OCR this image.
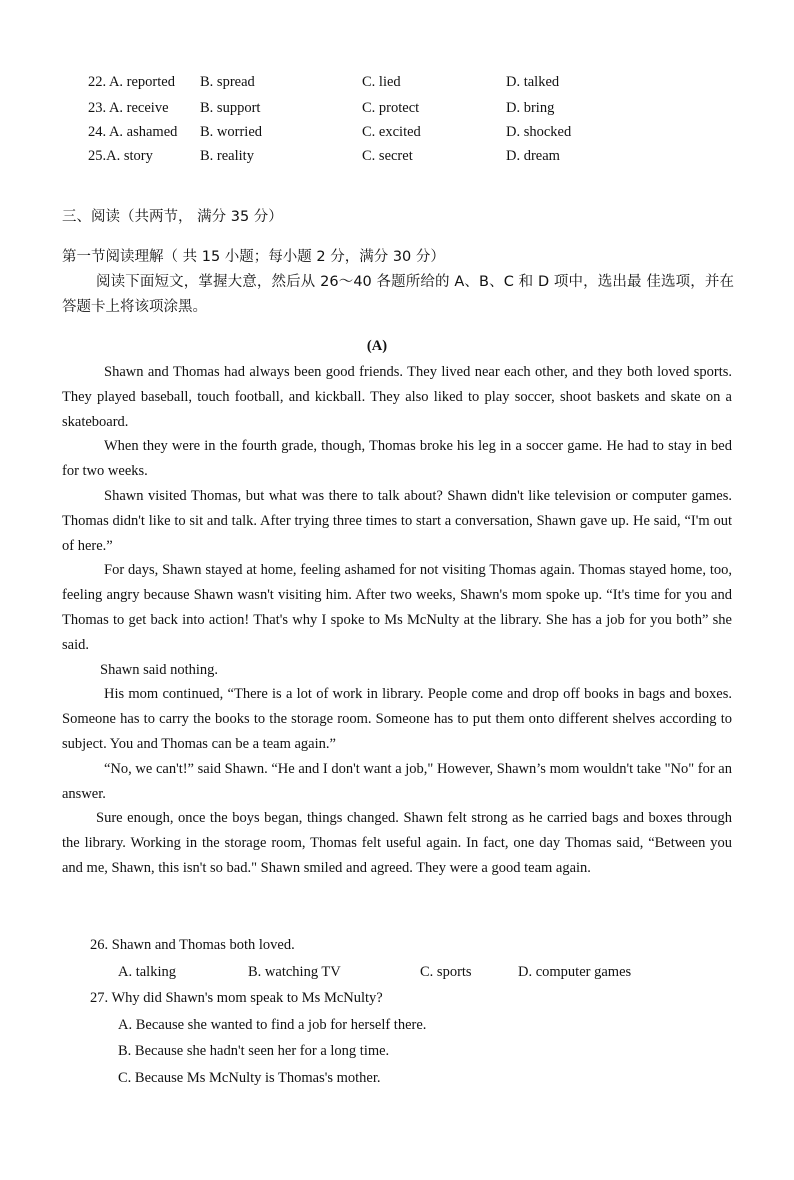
22. A. reported B. spread	C. lied	D. talked
23. A. receive B. support	C. protect	D. bring
24. A. ashamed B. worried	C. excited	D. shocked
25.A. story	B. reality	C. secret	D. dream
三、阅读（共两节， 满分 35 分）
第一节阅读理解（ 共 15 小题；每小题 2 分，满分 30 分）
阅读下面短文，掌握大意，然后从 26～40 各题所给的 A、B、C 和 D 项中，选出最 佳选项，并在答题卡上将该项涂黑。
(A)

Shawn and Thomas had always been good friends. They lived near each other, and they both loved sports. They played baseball, touch football, and kickball. They also liked to play soccer, shoot baskets and skate on a skateboard.

When they were in the fourth grade, though, Thomas broke his leg in a soccer game. He had to stay in bed for two weeks.

Shawn visited Thomas, but what was there to talk about? Shawn didn't like television or computer games. Thomas didn't like to sit and talk. After trying three times to start a conversation, Shawn gave up. He said, “I'm out of here.”

For days, Shawn stayed at home, feeling ashamed for not visiting Thomas again. Thomas stayed home, too, feeling angry because Shawn wasn't visiting him. After two weeks, Shawn's mom spoke up. “It's time for you and Thomas to get back into action! That's why I spoke to Ms McNulty at the library. She has a job for you both” she said.

Shawn said nothing.

His mom continued, “There is a lot of work in library. People come and drop off books in bags and boxes. Someone has to carry the books to the storage room. Someone has to put them onto different shelves according to subject. You and Thomas can be a team again.”

“No, we can't!” said Shawn. “He and I don't want a job," However, Shawn’s mom wouldn't take "No" for an answer.

Sure enough, once the boys began, things changed. Shawn felt strong as he carried bags and boxes through the library. Working in the storage room, Thomas felt useful again. In fact, one day Thomas said, “Between you and me, Shawn, this isn't so bad." Shawn smiled and agreed. They were a good team again.

26. Shawn and Thomas both loved.
A. talking	B. watching TV	C. sports	D. computer games
27. Why did Shawn's mom speak to Ms McNulty?
A. Because she wanted to find a job for herself there.
B. Because she hadn't seen her for a long time.
C. Because Ms McNulty is Thomas's mother.
